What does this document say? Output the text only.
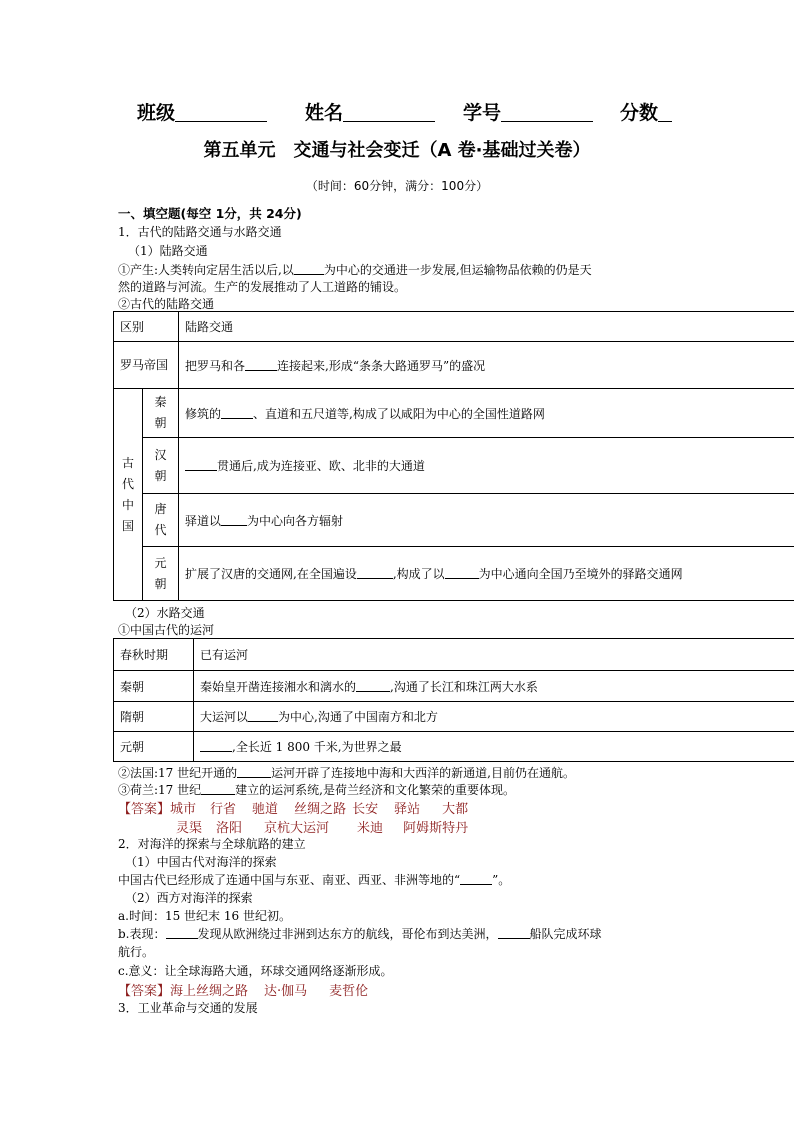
班级	姓名	学号	分数
第五单元　交通与社会变迁（A 卷·基础过关卷）
（时间：60分钟，满分：100分）
一、填空题(每空 1分，共 24分)
1．古代的陆路交通与水路交通
（1）陆路交通
①产生:人类转向定居生活以后,以	为中心的交通进一步发展,但运输物品依赖的仍是天
然的道路与河流。生产的发展推动了人工道路的铺设。
②古代的陆路交通
区别		陆路交通
罗马帝国		把罗马和各 连接起来,形成“条条大路通罗马”的盛况

古代中国	秦朝	修筑的 、直道和五尺道等,构成了以咸阳为中心的全国性道路网

	汉朝	贯通后,成为连接亚、欧、北非的大通道

	唐代	驿道以 为中心向各方辐射

	元朝	扩展了汉唐的交通网,在全国遍设 ,构成了以 为中心通向全国乃至境外的驿路交通网
（2）水路交通
①中国古代的运河
春秋时期	已有运河
秦朝	秦始皇开凿连接湘水和漓水的 ,沟通了长江和珠江两大水系
隋朝	大运河以 为中心,沟通了中国南方和北方
元朝	,全长近 1 800 千米,为世界之最
②法国:17 世纪开通的	运河开辟了连接地中海和大西洋的新通道,目前仍在通航。
③荷兰:17 世纪	建立的运河系统,是荷兰经济和文化繁荣的重要体现。
【答案】城市 行省 驰道 丝绸之路 长安 驿站 大都
灵渠 洛阳 京杭大运河 米迪 阿姆斯特丹
2．对海洋的探索与全球航路的建立
（1）中国古代对海洋的探索
中国古代已经形成了连通中国与东亚、南亚、西亚、非洲等地的“	”。
（2）西方对海洋的探索
a.时间：15 世纪末 16 世纪初。
b.表现：	发现从欧洲绕过非洲到达东方的航线，哥伦布到达美洲，	船队完成环球
航行。
c.意义：让全球海路大通，环球交通网络逐渐形成。
【答案】海上丝绸之路 达·伽马 麦哲伦
3．工业革命与交通的发展
